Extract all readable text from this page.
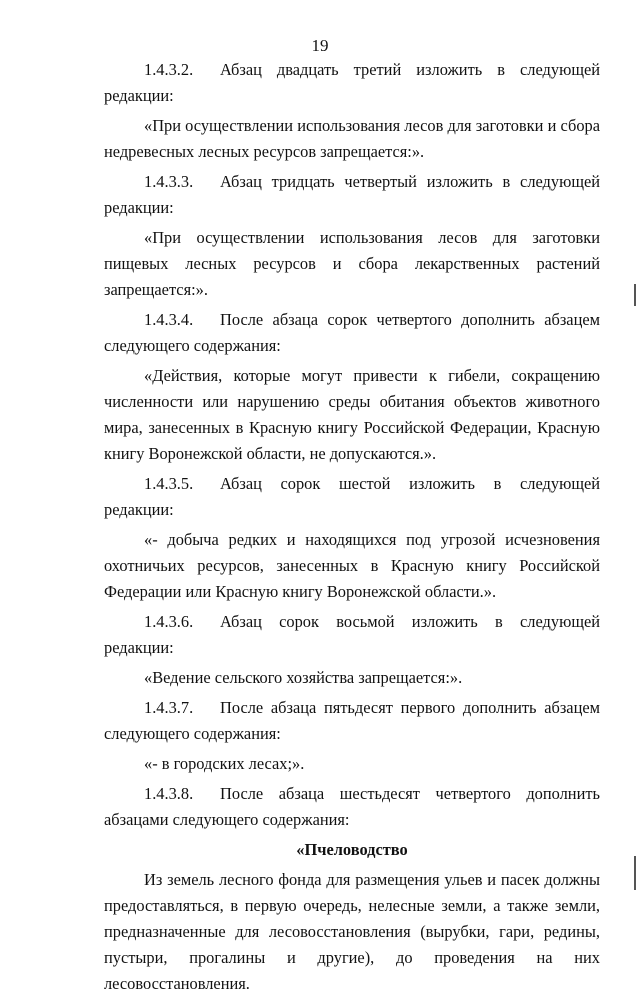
19

1.4.3.2. Абзац двадцать третий изложить в следующей редакции:

«При осуществлении использования лесов для заготовки и сбора недревесных лесных ресурсов запрещается:».

1.4.3.3. Абзац тридцать четвертый изложить в следующей редакции:

«При осуществлении использования лесов для заготовки пищевых лесных ресурсов и сбора лекарственных растений запрещается:».

1.4.3.4. После абзаца сорок четвертого дополнить абзацем следующего содержания:

«Действия, которые могут привести к гибели, сокращению численности или нарушению среды обитания объектов животного мира, занесенных в Красную книгу Российской Федерации, Красную книгу Воронежской области, не допускаются.».

1.4.3.5. Абзац сорок шестой изложить в следующей редакции:

«- добыча редких и находящихся под угрозой исчезновения охотничьих ресурсов, занесенных в Красную книгу Российской Федерации или Красную книгу Воронежской области.».

1.4.3.6. Абзац сорок восьмой изложить в следующей редакции:

«Ведение сельского хозяйства запрещается:».

1.4.3.7. После абзаца пятьдесят первого дополнить абзацем следующего содержания:

«- в городских лесах;».

1.4.3.8. После абзаца шестьдесят четвертого дополнить абзацами следующего содержания:

«Пчеловодство

Из земель лесного фонда для размещения ульев и пасек должны предоставляться, в первую очередь, нелесные земли, а также земли, предназначенные для лесовосстановления (вырубки, гари, редины, пустыри, прогалины и другие), до проведения на них лесовосстановления.
